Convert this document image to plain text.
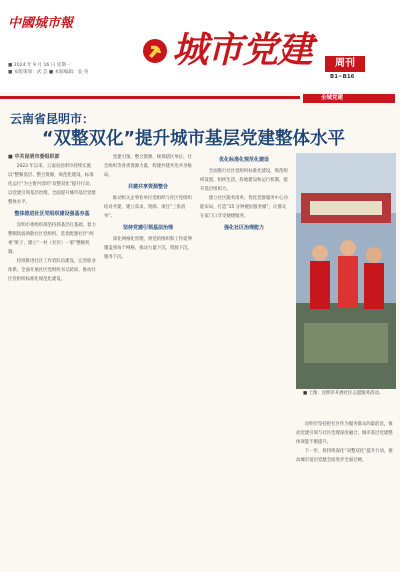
中國城市報
■ 2024 年 9 月 16 日 星期一
■ 本版策划：武 芸 ■ 本版编辑：袁 英
城市党建	周刊
B1~B16
全域党建
云南省昆明市：
“双整双化”提升城市基层党建整体水平
■ 中共昆明市委组织部

2023 年以来，云南省昆明市持续实施以“整顿基层、整合资源，规范化建设、标准化运行”为主要内容的“双整双化”提升行动，以党建引领基层治理，全面提升城市基层党建整体水平。

整体推进社区党组织建设强基夯基

昆明市委组织部坚持抓基层打基础，着力整顿软弱涣散社区党组织，选优配强社区“两委”班子，建立“一村（社区）一策”整顿机制。

持续推进社区工作者队伍建设，完善职业体系，全面开展社区党组织书记轮训，推动社区党组织标准化规范化建设。

党建引领、整合资源，统筹辖区单位、社会组织等各类资源力量，构建共建共治共享格局。

共建共享资源整合

推动机关企事业单位党组织与社区党组织结对共建，建立需求、资源、项目“三张清单”。

坚持党建引领基层治理

深化网格化管理，将党的组织和工作延伸覆盖到每个网格，推动力量下沉、资源下沉、服务下沉。

优化标准化规范化建设

全面推行社区党组织标准化建设，规范组织设置、组织生活、阵地建设和运行机制，提升基层组织力。

建立社区服务清单，优化党群服务中心功能布局，打造“15 分钟便民服务圈”，让群众在家门口享受便捷服务。

强化社区治理能力
■ 上图：昆明市开展社区志愿服务活动。

昆明市坚持把社区作为服务群众的最前沿，推动党建引领与社区治理深度融合，城市基层党建整体效能不断提升。

下一步，将持续深化“双整双化”提升行动，推动城市基层党建全面进步全面过硬。
